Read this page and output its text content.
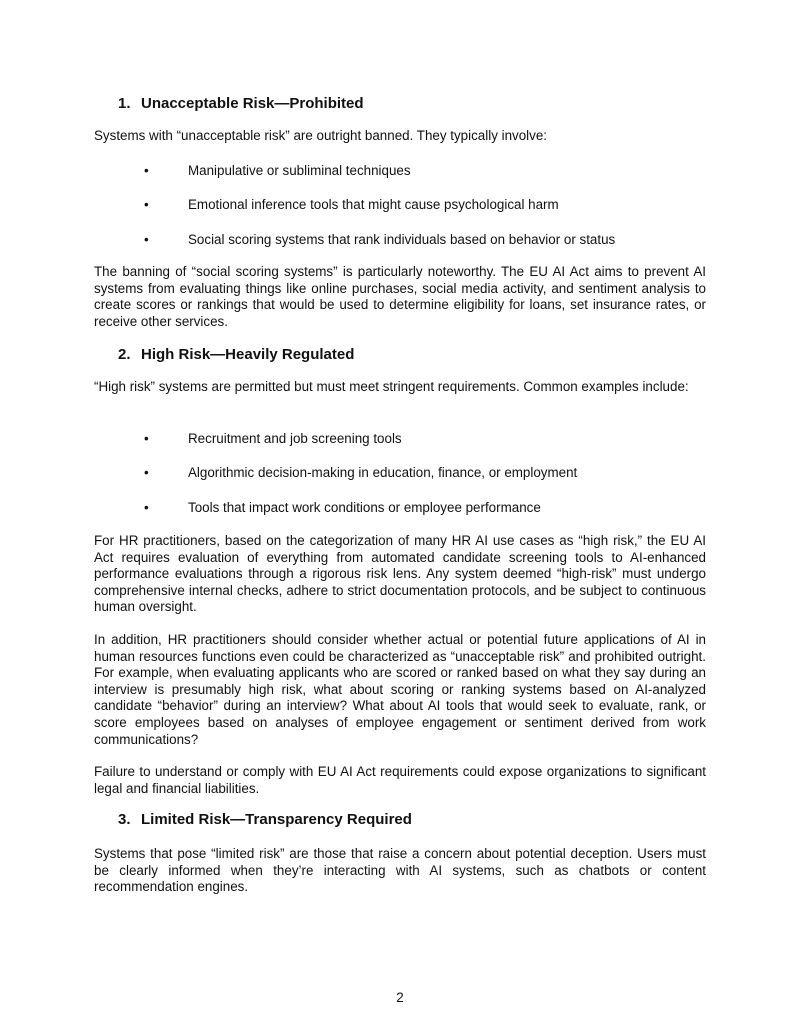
1. Unacceptable Risk—Prohibited

Systems with “unacceptable risk” are outright banned. They typically involve:

•	Manipulative or subliminal techniques
•	Emotional inference tools that might cause psychological harm
•	Social scoring systems that rank individuals based on behavior or status

The banning of “social scoring systems” is particularly noteworthy. The EU AI Act aims to prevent AI systems from evaluating things like online purchases, social media activity, and sentiment analysis to create scores or rankings that would be used to determine eligibility for loans, set insurance rates, or receive other services.

2. High Risk—Heavily Regulated

“High risk” systems are permitted but must meet stringent requirements. Common examples include:

•	Recruitment and job screening tools
•	Algorithmic decision-making in education, finance, or employment
•	Tools that impact work conditions or employee performance

For HR practitioners, based on the categorization of many HR AI use cases as “high risk,” the EU AI Act requires evaluation of everything from automated candidate screening tools to AI-enhanced performance evaluations through a rigorous risk lens. Any system deemed “high-risk” must undergo comprehensive internal checks, adhere to strict documentation protocols, and be subject to continuous human oversight.

In addition, HR practitioners should consider whether actual or potential future applications of AI in human resources functions even could be characterized as “unacceptable risk” and prohibited outright. For example, when evaluating applicants who are scored or ranked based on what they say during an interview is presumably high risk, what about scoring or ranking systems based on AI-analyzed candidate “behavior” during an interview? What about AI tools that would seek to evaluate, rank, or score employees based on analyses of employee engagement or sentiment derived from work communications?

Failure to understand or comply with EU AI Act requirements could expose organizations to significant legal and financial liabilities.

3. Limited Risk—Transparency Required

Systems that pose “limited risk” are those that raise a concern about potential deception. Users must be clearly informed when they’re interacting with AI systems, such as chatbots or content recommendation engines.

2
